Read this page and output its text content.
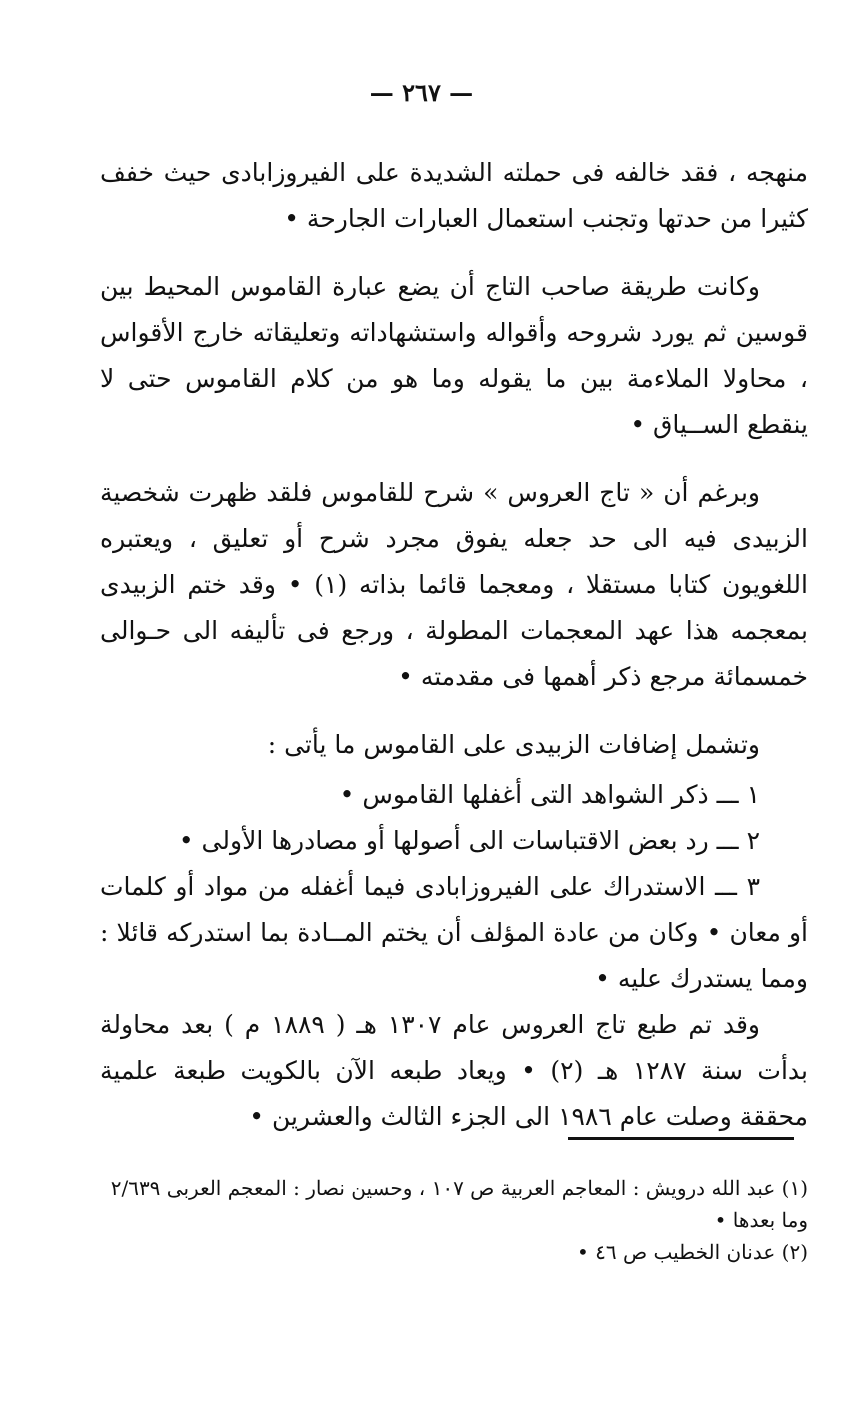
— ٢٦٧ —

منهجه ، فقد خالفه فى حملته الشديدة على الفيروزابادى حيث خفف كثيرا من حدتها وتجنب استعمال العبارات الجارحة •

وكانت طريقة صاحب التاج أن يضع عبارة القاموس المحيط بين قوسين ثم يورد شروحه وأقواله واستشهاداته وتعليقاته خارج الأقواس ، محاولا الملاءمة بين ما يقوله وما هو من كلام القاموس حتى لا ينقطع الســياق •

وبرغم أن « تاج العروس » شرح للقاموس فلقد ظهرت شخصية الزبيدى فيه الى حد جعله يفوق مجرد شرح أو تعليق ، ويعتبره اللغويون كتابا مستقلا ، ومعجما قائما بذاته (١) • وقد ختم الزبيدى بمعجمه هذا عهد المعجمات المطولة ، ورجع فى تأليفه الى حـوالى خمسمائة مرجع ذكر أهمها فى مقدمته •

وتشمل إضافات الزبيدى على القاموس ما يأتى :

١ ـــ ذكر الشواهد التى أغفلها القاموس •
٢ ـــ رد بعض الاقتباسات الى أصولها أو مصادرها الأولى •
٣ ـــ الاستدراك على الفيروزابادى فيما أغفله من مواد أو كلمات أو معان • وكان من عادة المؤلف أن يختم المــادة بما استدركه قائلا : ومما يستدرك عليه •

وقد تم طبع تاج العروس عام ١٣٠٧ هـ ( ١٨٨٩ م ) بعد محاولة بدأت سنة ١٢٨٧ هـ (٢) • ويعاد طبعه الآن بالكويت طبعة علمية محققة وصلت عام ١٩٨٦ الى الجزء الثالث والعشرين •

(١) عبد الله درويش : المعاجم العربية ص ١٠٧ ، وحسين نصار : المعجم العربى ٢/٦٣٩ وما بعدها •

(٢) عدنان الخطيب ص ٤٦ •
